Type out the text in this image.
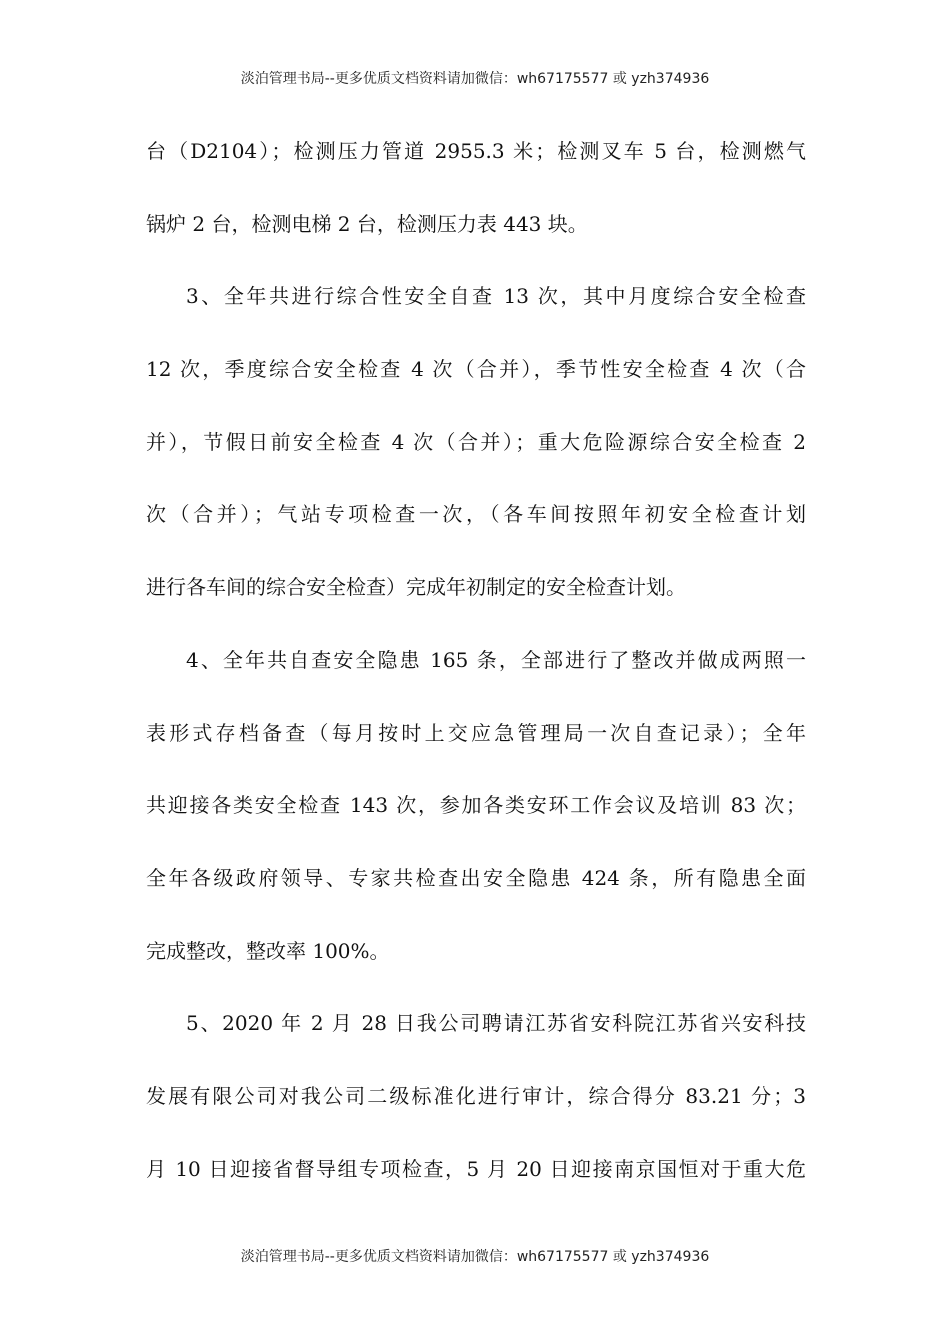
淡泊管理书局--更多优质文档资料请加微信：wh67175577 或 yzh374936
台（D2104）；检测压力管道 2955.3 米；检测叉车 5 台，检测燃气
锅炉 2 台，检测电梯 2 台，检测压力表 443 块。
3、全年共进行综合性安全自查 13 次，其中月度综合安全检查
12 次，季度综合安全检查 4 次（合并），季节性安全检查 4 次（合
并），节假日前安全检查 4 次（合并）；重大危险源综合安全检查 2
次（合并）；气站专项检查一次，（各车间按照年初安全检查计划
进行各车间的综合安全检查）完成年初制定的安全检查计划。
4、全年共自查安全隐患 165 条，全部进行了整改并做成两照一
表形式存档备查（每月按时上交应急管理局一次自查记录）；全年
共迎接各类安全检查 143 次，参加各类安环工作会议及培训 83 次；
全年各级政府领导、专家共检查出安全隐患 424 条，所有隐患全面
完成整改，整改率 100%。
5、2020 年 2 月 28 日我公司聘请江苏省安科院江苏省兴安科技
发展有限公司对我公司二级标准化进行审计，综合得分 83.21 分；3
月 10 日迎接省督导组专项检查，5 月 20 日迎接南京国恒对于重大危
淡泊管理书局--更多优质文档资料请加微信：wh67175577 或 yzh374936
